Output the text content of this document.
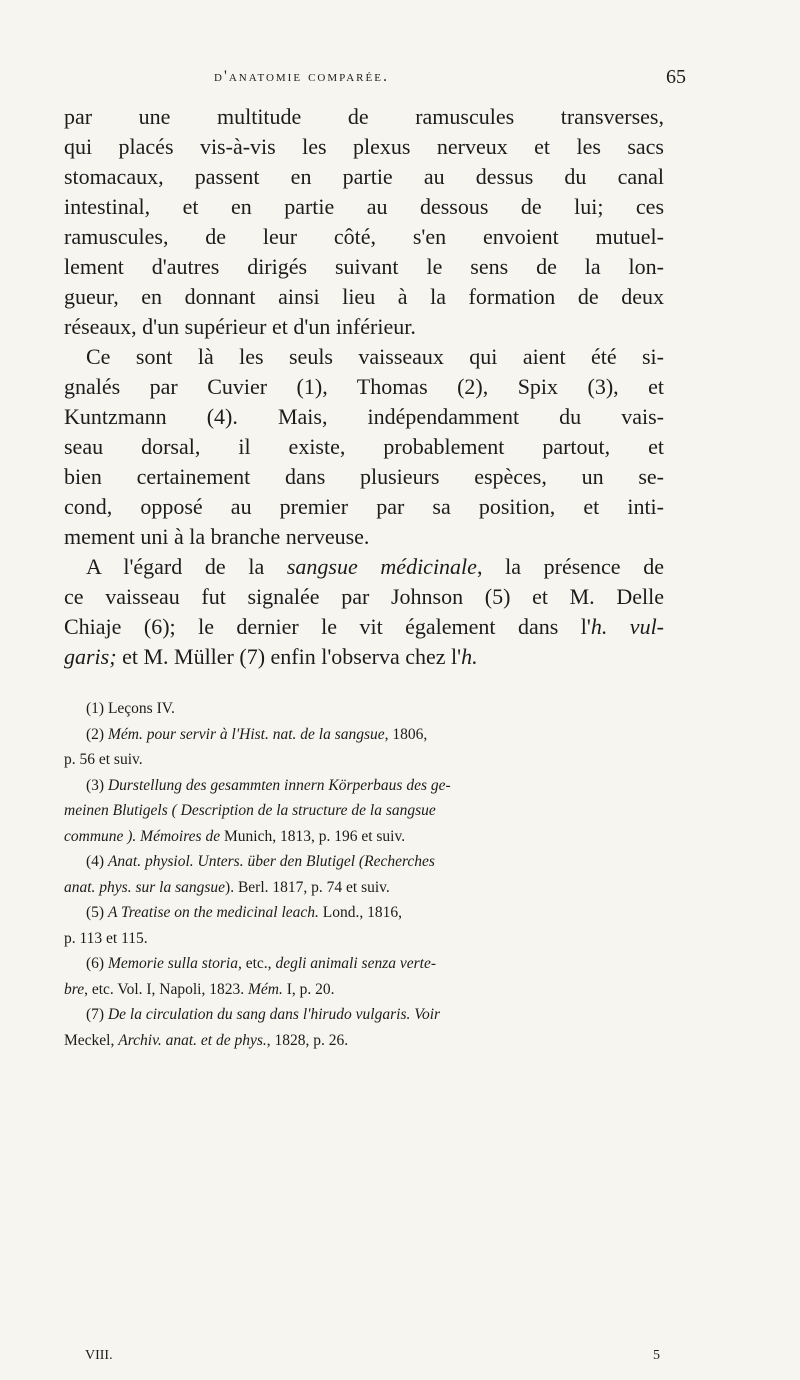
d'anatomie comparée.	65
par une multitude de ramuscules transverses,
qui placés vis-à-vis les plexus nerveux et les sacs
stomacaux, passent en partie au dessus du canal
intestinal, et en partie au dessous de lui; ces
ramuscules, de leur côté, s'en envoient mutuel-
lement d'autres dirigés suivant le sens de la lon-
gueur, en donnant ainsi lieu à la formation de deux
réseaux, d'un supérieur et d'un inférieur.
Ce sont là les seuls vaisseaux qui aient été si-
gnalés par Cuvier (1), Thomas (2), Spix (3), et
Kuntzmann (4). Mais, indépendamment du vais-
seau dorsal, il existe, probablement partout, et
bien certainement dans plusieurs espèces, un se-
cond, opposé au premier par sa position, et inti-
mement uni à la branche nerveuse.
A l'égard de la sangsue médicinale, la présence de
ce vaisseau fut signalée par Johnson (5) et M. Delle
Chiaje (6); le dernier le vit également dans l'h. vul-
garis; et M. Müller (7) enfin l'observa chez l'h.
(1) Leçons IV.
(2) Mém. pour servir à l'Hist. nat. de la sangsue, 1806,
p. 56 et suiv.
(3) Durstellung des gesammten innern Körperbaus des ge-
meinen Blutigels ( Description de la structure de la sangsue
commune ). Mémoires de Munich, 1813, p. 196 et suiv.
(4) Anat. physiol. Unters. über den Blutigel (Recherches
anat. phys. sur la sangsue). Berl. 1817, p. 74 et suiv.
(5) A Treatise on the medicinal leach. Lond., 1816,
p. 113 et 115.
(6) Memorie sulla storia, etc., degli animali senza verte-
bre, etc. Vol. I, Napoli, 1823. Mém. I, p. 20.
(7) De la circulation du sang dans l'hirudo vulgaris. Voir
Meckel, Archiv. anat. et de phys., 1828, p. 26.
VIII.	5
